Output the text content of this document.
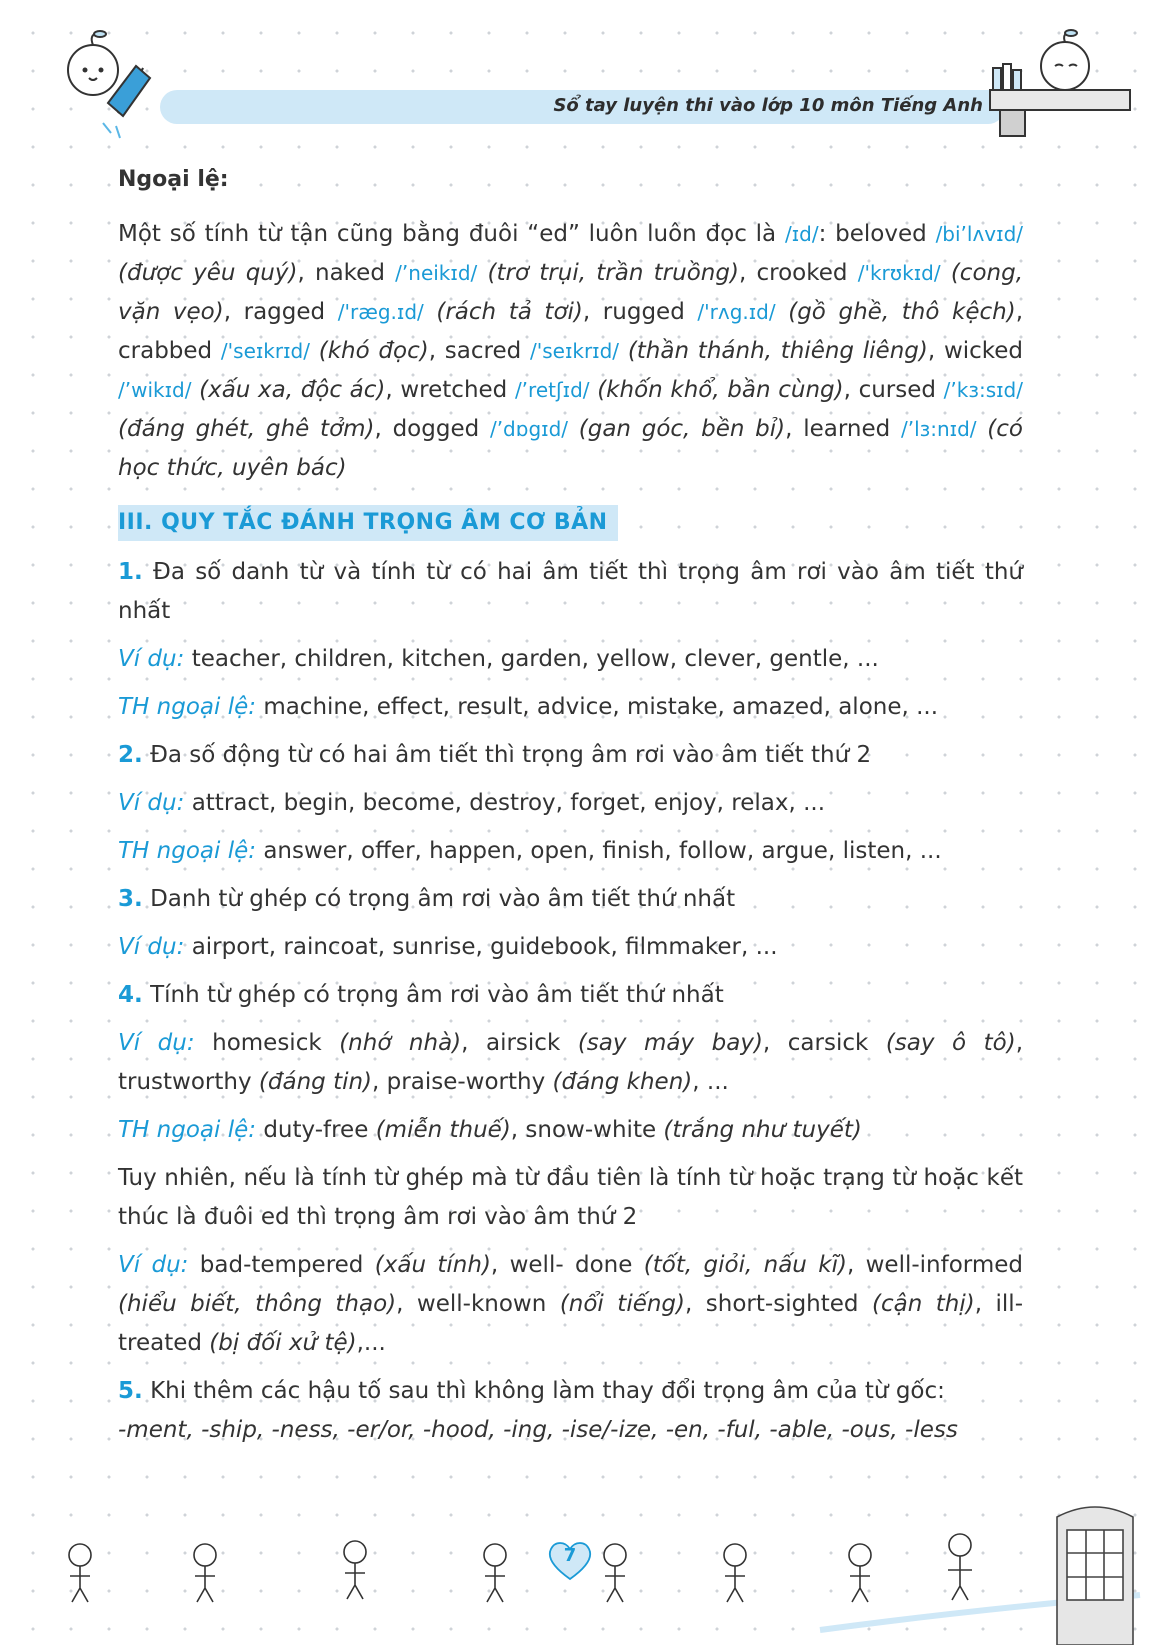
Sổ tay luyện thi vào lớp 10 môn Tiếng Anh
Ngoại lệ:

Một số tính từ tận cũng bằng đuôi “ed” luôn luôn đọc là /ɪd/: beloved /bi’lʌvɪd/ (được yêu quý), naked /’neikɪd/ (trơ trụi, trần truồng), crooked /'krʊkɪd/ (cong, vặn vẹo), ragged /'ræg.ɪd/ (rách tả tơi), rugged /'rʌg.ɪd/ (gồ ghề, thô kệch), crabbed /'seɪkrɪd/ (khó đọc), sacred /'seɪkrɪd/ (thần thánh, thiêng liêng), wicked /’wikɪd/ (xấu xa, độc ác), wretched /’retʃɪd/ (khốn khổ, bần cùng), cursed /’kɜ:sɪd/ (đáng ghét, ghê tởm), dogged /’dɒgɪd/ (gan góc, bền bỉ), learned /’lɜ:nɪd/ (có học thức, uyên bác)

III. QUY TẮC ĐÁNH TRỌNG ÂM CƠ BẢN

1. Đa số danh từ và tính từ có hai âm tiết thì trọng âm rơi vào âm tiết thứ nhất

Ví dụ: teacher, children, kitchen, garden, yellow, clever, gentle, ...

TH ngoại lệ: machine, effect, result, advice, mistake, amazed, alone, ...

2. Đa số động từ có hai âm tiết thì trọng âm rơi vào âm tiết thứ 2

Ví dụ: attract, begin, become, destroy, forget, enjoy, relax, ...

TH ngoại lệ: answer, offer, happen, open, finish, follow, argue, listen, ...

3. Danh từ ghép có trọng âm rơi vào âm tiết thứ nhất

Ví dụ: airport, raincoat, sunrise, guidebook, filmmaker, ...

4. Tính từ ghép có trọng âm rơi vào âm tiết thứ nhất

Ví dụ: homesick (nhớ nhà), airsick (say máy bay), carsick (say ô tô), trustworthy (đáng tin), praise-worthy (đáng khen), ...

TH ngoại lệ: duty-free (miễn thuế), snow-white (trắng như tuyết)

Tuy nhiên, nếu là tính từ ghép mà từ đầu tiên là tính từ hoặc trạng từ hoặc kết thúc là đuôi ed thì trọng âm rơi vào âm thứ 2

Ví dụ: bad-tempered (xấu tính), well- done (tốt, giỏi, nấu kĩ), well-informed (hiểu biết, thông thạo), well-known (nổi tiếng), short-sighted (cận thị), ill-treated (bị đối xử tệ),...

5. Khi thêm các hậu tố sau thì không làm thay đổi trọng âm của từ gốc:
-ment, -ship, -ness, -er/or, -hood, -ing, -ise/-ize, -en, -ful, -able, -ous, -less

7
